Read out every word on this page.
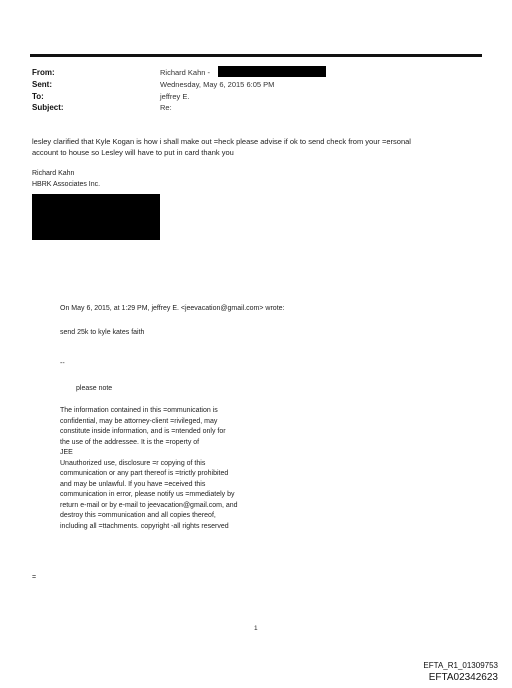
From:	Richard Kahn -
Sent:	Wednesday, May 6, 2015 6:05 PM
To:	jeffrey E.
Subject:	Re:
lesley clarified that Kyle Kogan is how i shall make out =heck please advise if ok to send check from your =ersonal
account to house so Lesley will have to put in card thank you
Richard Kahn
HBRK Associates Inc.
On May 6, 2015, at 1:29 PM, jeffrey E. <jeevacation@gmail.com> wrote:
send 25k to kyle kates faith
--
please note
The information contained in this =ommunication is
confidential, may be attorney-client =rivileged, may
constitute inside information, and is =ntended only for
the use of the addressee. It is the =roperty of
JEE
Unauthorized use, disclosure =r copying of this
communication or any part thereof is =trictly prohibited
and may be unlawful. If you have =eceived this
communication in error, please notify us =mmediately by
return e-mail or by e-mail to jeevacation@gmail.com, and
destroy this =ommunication and all copies thereof,
including all =ttachments. copyright -all rights reserved
=
1
EFTA_R1_01309753
EFTA02342623
